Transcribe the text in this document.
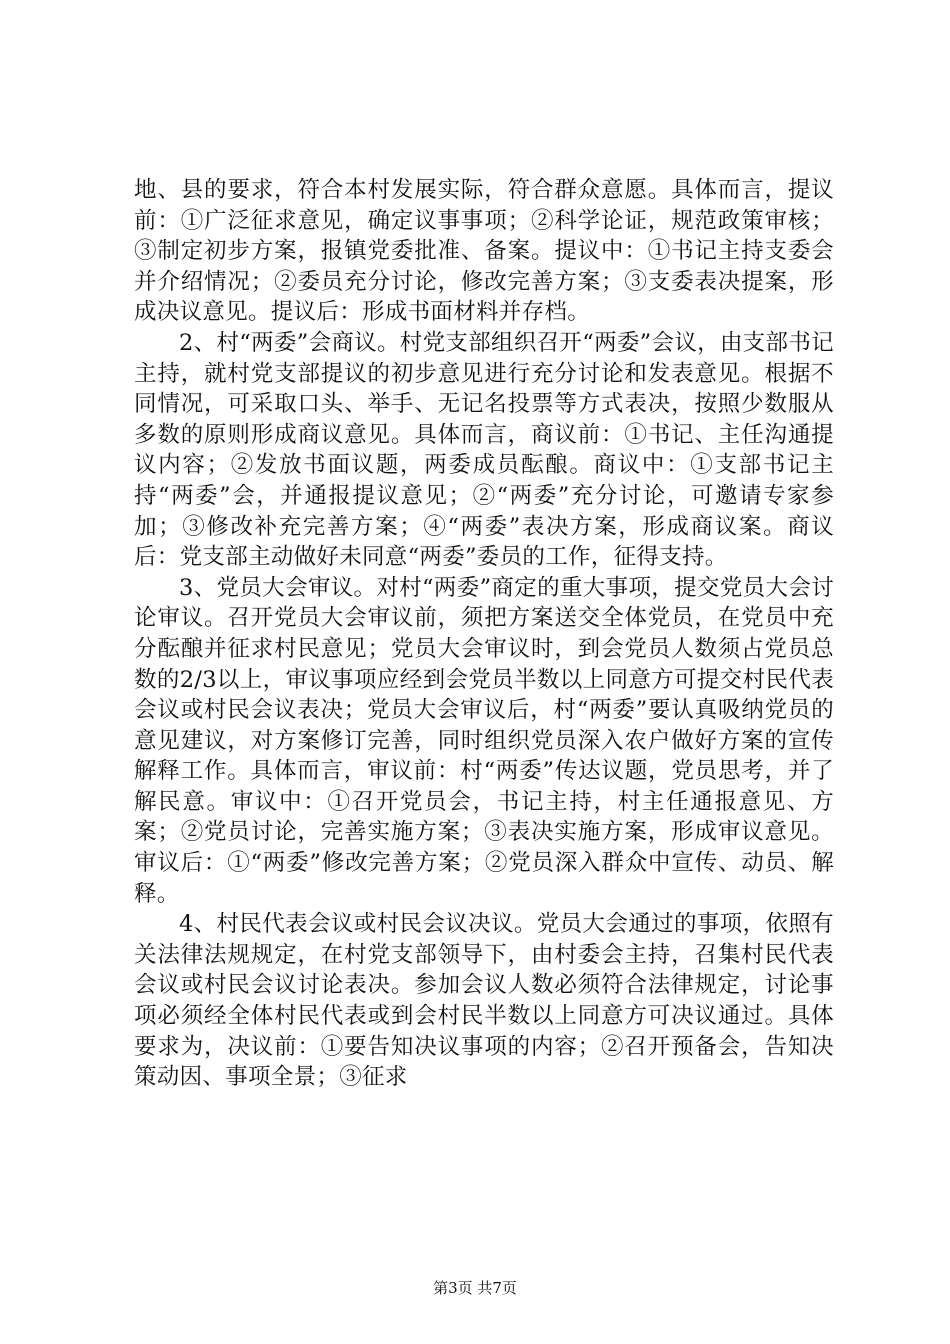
地、县的要求，符合本村发展实际，符合群众意愿。具体而言，提议前：①广泛征求意见，确定议事事项；②科学论证，规范政策审核；③制定初步方案，报镇党委批准、备案。提议中：①书记主持支委会并介绍情况；②委员充分讨论，修改完善方案；③支委表决提案，形成决议意见。提议后：形成书面材料并存档。

2、村“两委”会商议。村党支部组织召开“两委”会议，由支部书记主持，就村党支部提议的初步意见进行充分讨论和发表意见。根据不同情况，可采取口头、举手、无记名投票等方式表决，按照少数服从多数的原则形成商议意见。具体而言，商议前：①书记、主任沟通提议内容；②发放书面议题，两委成员酝酿。商议中：①支部书记主持“两委”会，并通报提议意见；②“两委”充分讨论，可邀请专家参加；③修改补充完善方案；④“两委”表决方案，形成商议案。商议后：党支部主动做好未同意“两委”委员的工作，征得支持。

3、党员大会审议。对村“两委”商定的重大事项，提交党员大会讨论审议。召开党员大会审议前，须把方案送交全体党员，在党员中充分酝酿并征求村民意见；党员大会审议时，到会党员人数须占党员总数的2/3以上，审议事项应经到会党员半数以上同意方可提交村民代表会议或村民会议表决；党员大会审议后，村“两委”要认真吸纳党员的意见建议，对方案修订完善，同时组织党员深入农户做好方案的宣传解释工作。具体而言，审议前：村“两委”传达议题，党员思考，并了解民意。审议中：①召开党员会，书记主持，村主任通报意见、方案；②党员讨论，完善实施方案；③表决实施方案，形成审议意见。审议后：①“两委”修改完善方案；②党员深入群众中宣传、动员、解释。

4、村民代表会议或村民会议决议。党员大会通过的事项，依照有关法律法规规定，在村党支部领导下，由村委会主持，召集村民代表会议或村民会议讨论表决。参加会议人数必须符合法律规定，讨论事项必须经全体村民代表或到会村民半数以上同意方可决议通过。具体要求为，决议前：①要告知决议事项的内容；②召开预备会，告知决策动因、事项全景；③征求

第3页 共7页
